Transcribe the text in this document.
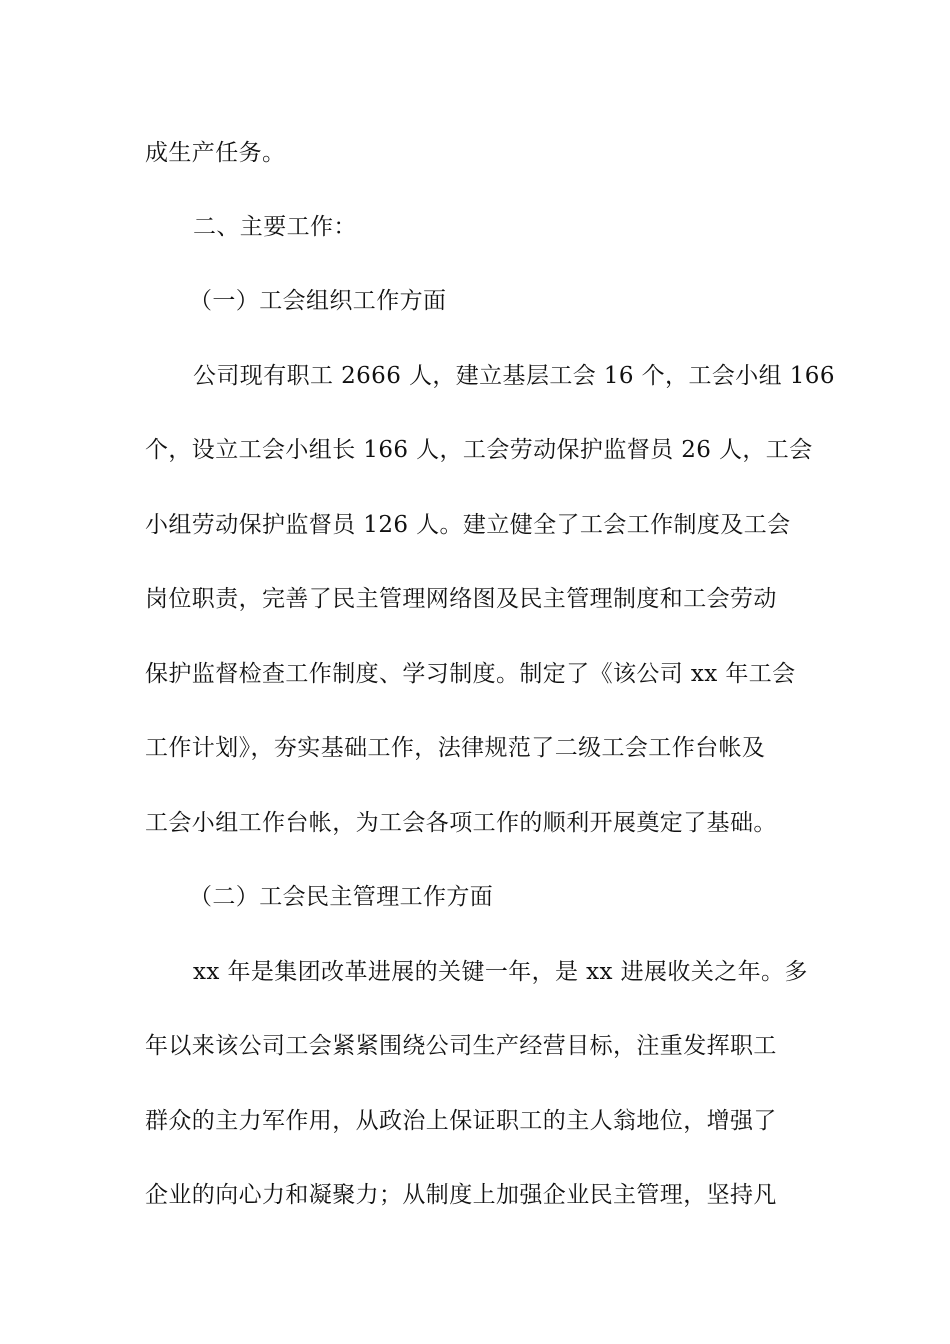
成生产任务。
二、主要工作：
（一）工会组织工作方面
公司现有职工 2666 人，建立基层工会 16 个，工会小组 166
个，设立工会小组长 166 人，工会劳动保护监督员 26 人，工会
小组劳动保护监督员 126 人。建立健全了工会工作制度及工会
岗位职责，完善了民主管理网络图及民主管理制度和工会劳动
保护监督检查工作制度、学习制度。制定了《该公司 xx 年工会
工作计划》，夯实基础工作，法律规范了二级工会工作台帐及
工会小组工作台帐，为工会各项工作的顺利开展奠定了基础。
（二）工会民主管理工作方面
xx 年是集团改革进展的关键一年，是 xx 进展收关之年。多
年以来该公司工会紧紧围绕公司生产经营目标，注重发挥职工
群众的主力军作用，从政治上保证职工的主人翁地位，增强了
企业的向心力和凝聚力；从制度上加强企业民主管理，坚持凡
